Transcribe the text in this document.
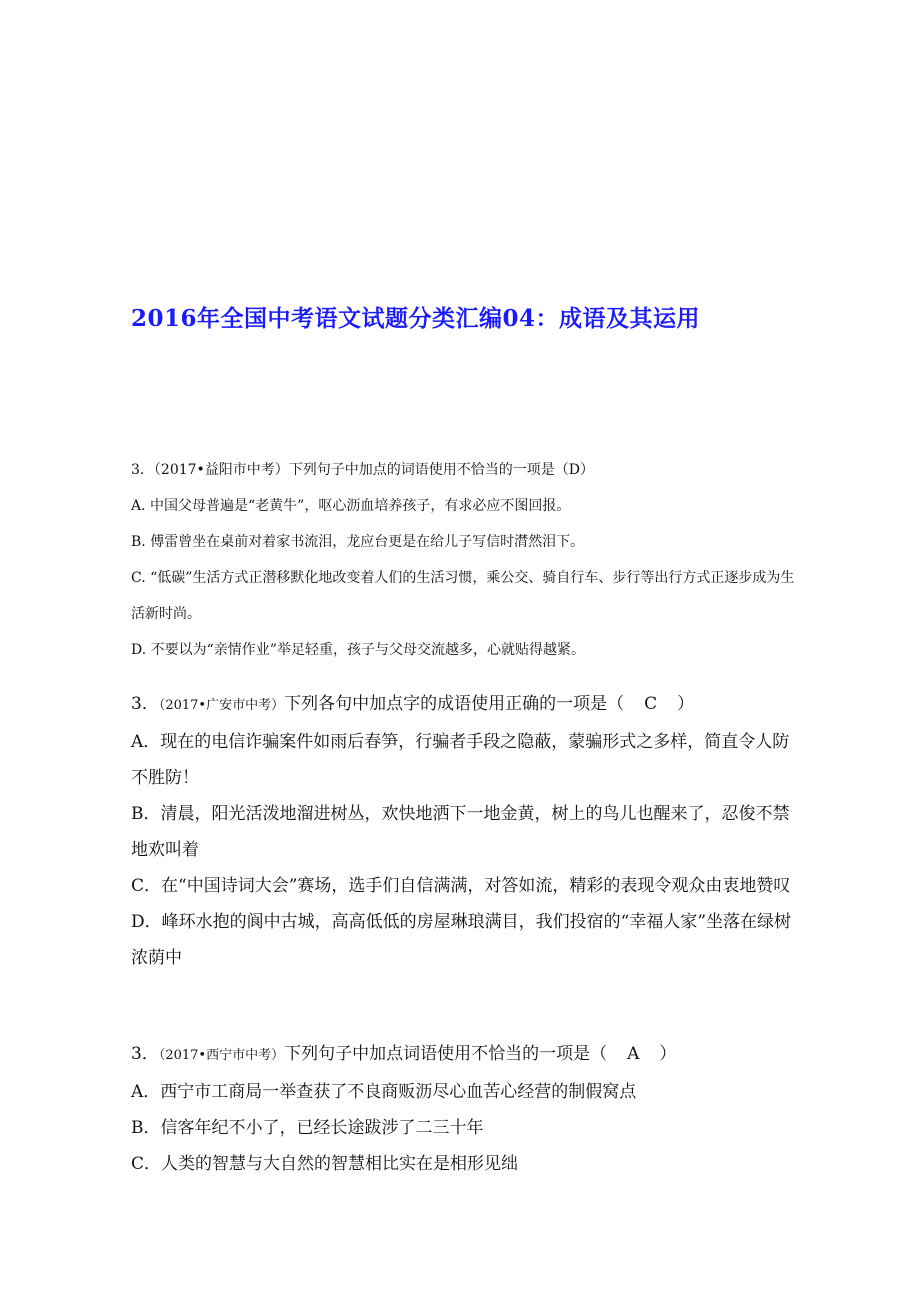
2016年全国中考语文试题分类汇编04：成语及其运用
3．（2017•益阳市中考）下列句子中加点的词语使用不恰当的一项是（D）
A. 中国父母普遍是“老黄牛”，呕心沥血培养孩子，有求必应不图回报。
B. 傅雷曾坐在桌前对着家书流泪，龙应台更是在给儿子写信时潸然泪下。
C. “低碳”生活方式正潜移默化地改变着人们的生活习惯，乘公交、骑自行车、步行等出行方式正逐步成为生活新时尚。
D. 不要以为“亲情作业”举足轻重，孩子与父母交流越多，心就贴得越紧。
3．（2017•广安市中考）下列各句中加点字的成语使用正确的一项是（ C ）
A．现在的电信诈骗案件如雨后春笋，行骗者手段之隐蔽，蒙骗形式之多样，简直令人防不胜防！
B．清晨，阳光活泼地溜进树丛，欢快地洒下一地金黄，树上的鸟儿也醒来了，忍俊不禁地欢叫着
C．在“中国诗词大会”赛场，选手们自信满满，对答如流，精彩的表现令观众由衷地赞叹
D．峰环水抱的阆中古城，高高低低的房屋琳琅满目，我们投宿的“幸福人家”坐落在绿树浓荫中
3．（2017•西宁市中考）下列句子中加点词语使用不恰当的一项是（ A ）
A．西宁市工商局一举查获了不良商贩沥尽心血苦心经营的制假窝点
B．信客年纪不小了，已经长途跋涉了二三十年
C．人类的智慧与大自然的智慧相比实在是相形见绌
